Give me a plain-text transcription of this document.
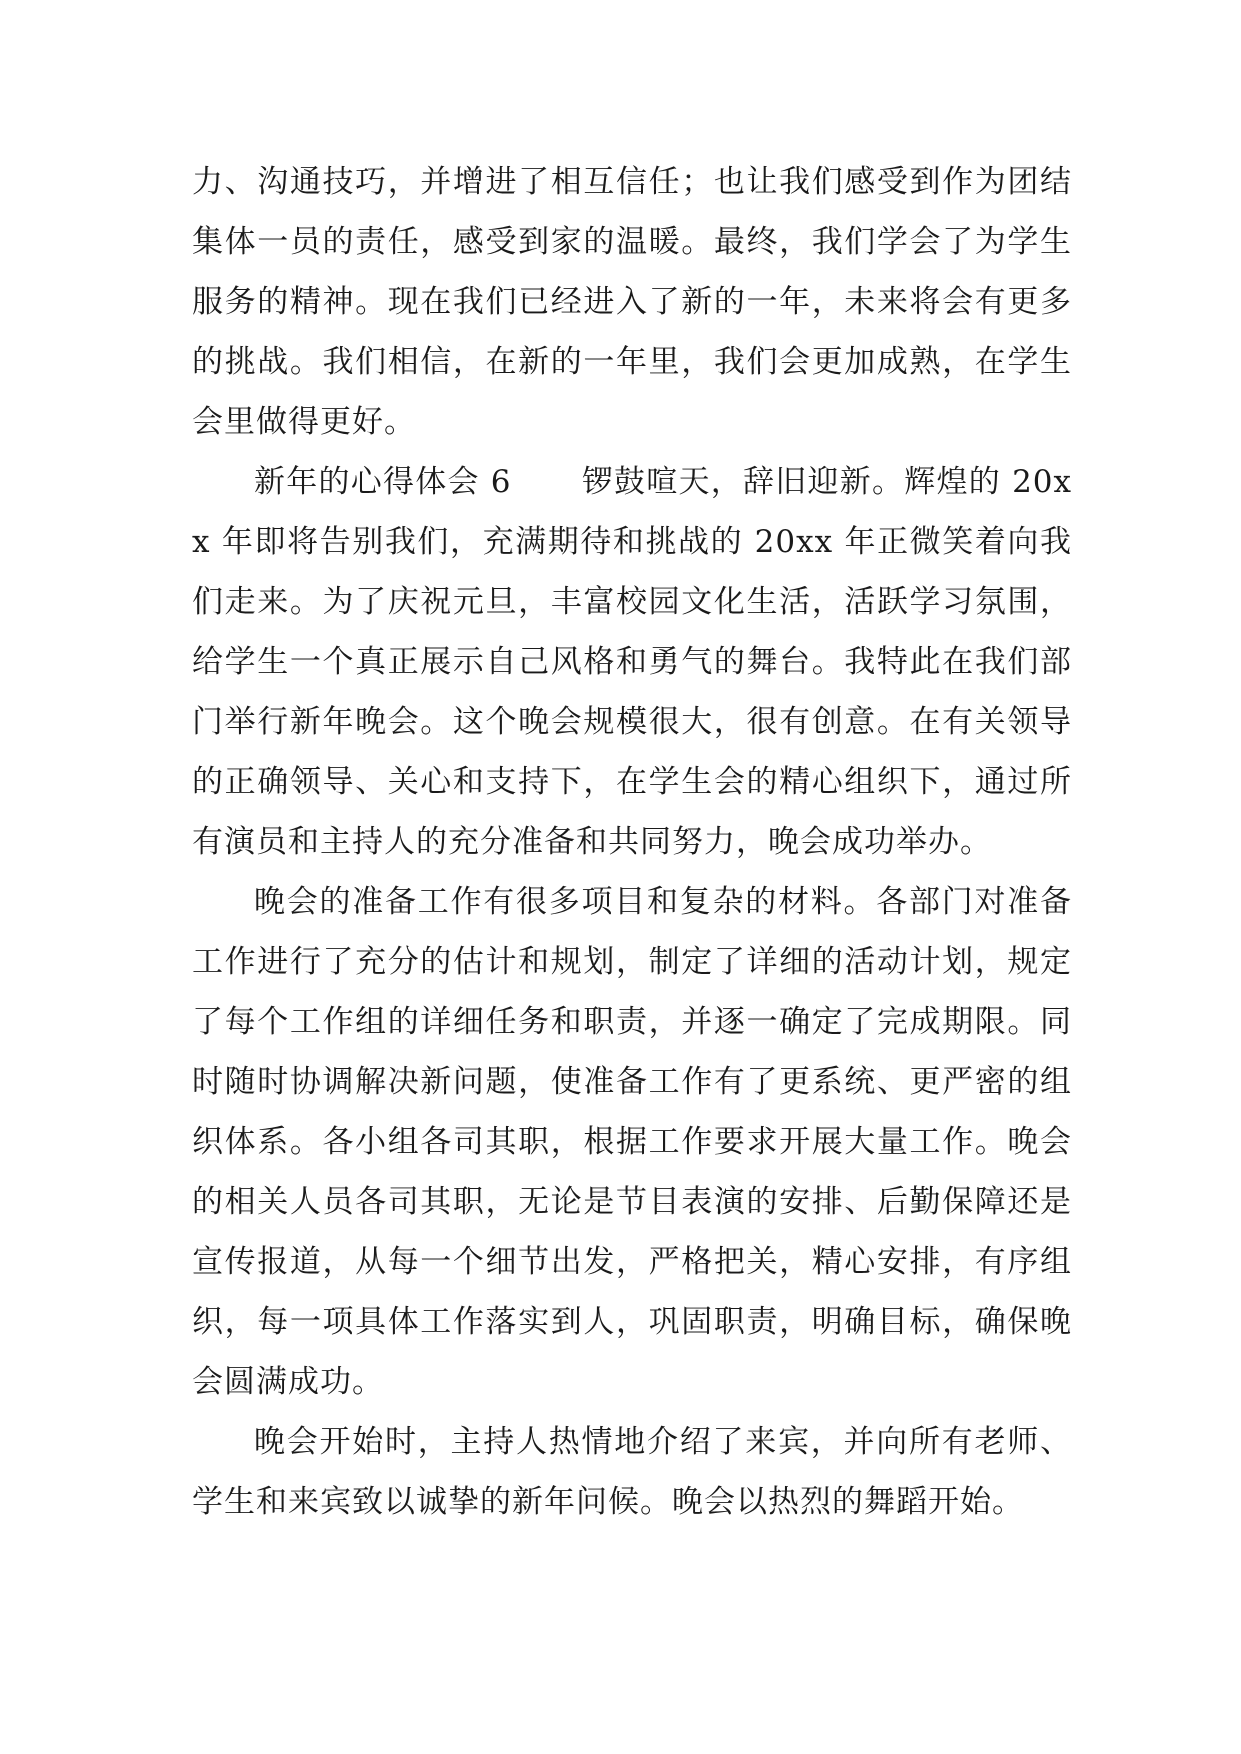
力、沟通技巧，并增进了相互信任；也让我们感受到作为团结集体一员的责任，感受到家的温暖。最终，我们学会了为学生服务的精神。现在我们已经进入了新的一年，未来将会有更多的挑战。我们相信，在新的一年里，我们会更加成熟，在学生会里做得更好。

新年的心得体会 6 锣鼓喧天，辞旧迎新。辉煌的 20xx 年即将告别我们，充满期待和挑战的 20xx 年正微笑着向我们走来。为了庆祝元旦，丰富校园文化生活，活跃学习氛围，给学生一个真正展示自己风格和勇气的舞台。我特此在我们部门举行新年晚会。这个晚会规模很大，很有创意。在有关领导的正确领导、关心和支持下，在学生会的精心组织下，通过所有演员和主持人的充分准备和共同努力，晚会成功举办。

晚会的准备工作有很多项目和复杂的材料。各部门对准备工作进行了充分的估计和规划，制定了详细的活动计划，规定了每个工作组的详细任务和职责，并逐一确定了完成期限。同时随时协调解决新问题，使准备工作有了更系统、更严密的组织体系。各小组各司其职，根据工作要求开展大量工作。晚会的相关人员各司其职，无论是节目表演的安排、后勤保障还是宣传报道，从每一个细节出发，严格把关，精心安排，有序组织，每一项具体工作落实到人，巩固职责，明确目标，确保晚会圆满成功。

晚会开始时，主持人热情地介绍了来宾，并向所有老师、学生和来宾致以诚挚的新年问候。晚会以热烈的舞蹈开始。
